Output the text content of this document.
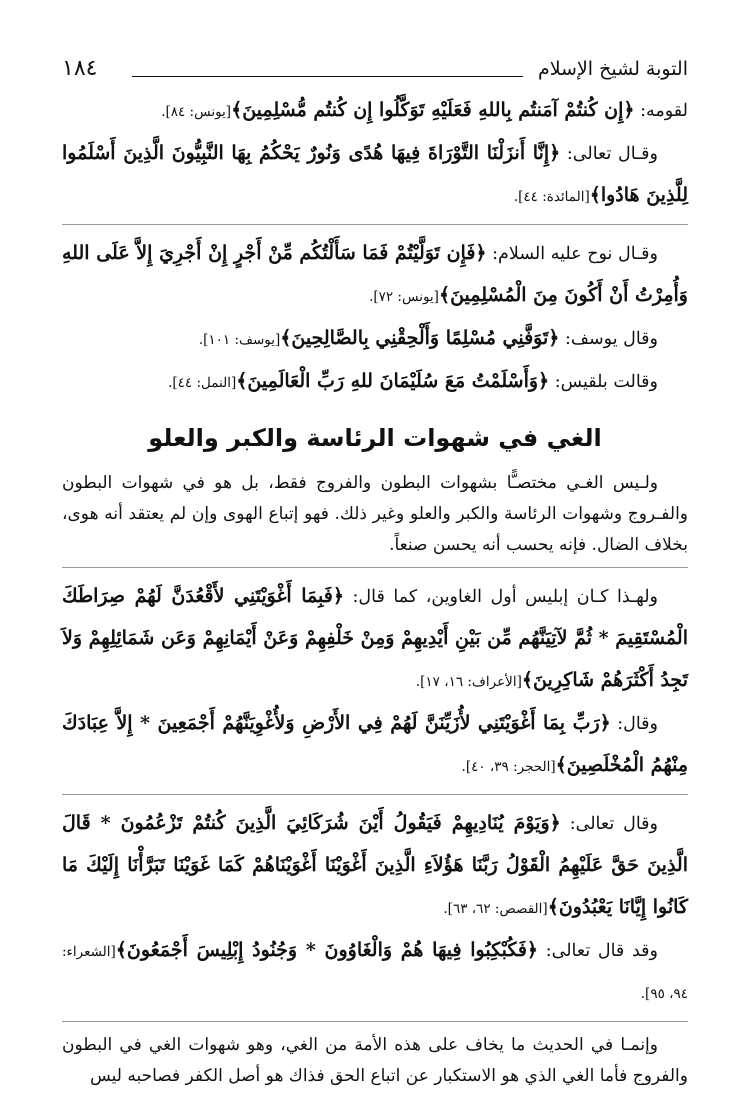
التوبة لشيخ الإسلام
١٨٤

لقومه: ﴿إِن كُنتُمْ آمَنتُم بِاللهِ فَعَلَيْهِ تَوَكَّلُوا إِن كُنتُم مُّسْلِمِينَ﴾[يونس: ٨٤].

وقـال تعالى: ﴿إِنَّا أَنزَلْنَا التَّوْرَاةَ فِيهَا هُدًى وَنُورٌ يَحْكُمُ بِهَا النَّبِيُّونَ الَّذِينَ أَسْلَمُوا لِلَّذِينَ هَادُوا﴾[المائدة: ٤٤].

وقـال نوح عليه السلام: ﴿فَإِن تَوَلَّيْتُمْ فَمَا سَأَلْتُكُم مِّنْ أَجْرٍ إِنْ أَجْرِيَ إِلاَّ عَلَى اللهِ وَأُمِرْتُ أَنْ أَكُونَ مِنَ الْمُسْلِمِينَ﴾[يونس: ٧٢].

وقال يوسف: ﴿تَوَفَّنِي مُسْلِمًا وَأَلْحِقْنِي بِالصَّالِحِينَ﴾[يوسف: ١٠١].

وقالت بلقيس: ﴿وَأَسْلَمْتُ مَعَ سُلَيْمَانَ للهِ رَبِّ الْعَالَمِينَ﴾[النمل: ٤٤].

الغي في شهوات الرئاسة والكبر والعلو

ولـيس الغـي مختصـًّا بشهوات البطون والفروج فقط، بل هو في شهوات البطون والفـروج وشهوات الرئاسة والكبر والعلو وغير ذلك. فهو إتباع الهوى وإن لم يعتقد أنه هوى، بخلاف الضال. فإنه يحسب أنه يحسن صنعاً.

ولهـذا كـان إبليس أول الغاوين، كما قال: ﴿فَبِمَا أَغْوَيْتَنِي لأَقْعُدَنَّ لَهُمْ صِرَاطَكَ الْمُسْتَقِيمَ * ثُمَّ لآتِيَنَّهُم مِّن بَيْنِ أَيْدِيهِمْ وَمِنْ خَلْفِهِمْ وَعَنْ أَيْمَانِهِمْ وَعَن شَمَائِلِهِمْ وَلاَ تَجِدُ أَكْثَرَهُمْ شَاكِرِينَ﴾[الأعراف: ١٦، ١٧].

وقال: ﴿رَبِّ بِمَا أَغْوَيْتَنِي لأُزَيِّنَنَّ لَهُمْ فِي الأَرْضِ وَلأُغْوِيَنَّهُمْ أَجْمَعِينَ * إِلاَّ عِبَادَكَ مِنْهُمُ الْمُخْلَصِينَ﴾[الحجر: ٣٩، ٤٠].

وقال تعالى: ﴿وَيَوْمَ يُنَادِيهِمْ فَيَقُولُ أَيْنَ شُرَكَائِيَ الَّذِينَ كُنتُمْ تَزْعُمُونَ * قَالَ الَّذِينَ حَقَّ عَلَيْهِمُ الْقَوْلُ رَبَّنَا هَؤُلاَءِ الَّذِينَ أَغْوَيْنَا أَغْوَيْنَاهُمْ كَمَا غَوَيْنَا تَبَرَّأْنَا إِلَيْكَ مَا كَانُوا إِيَّانَا يَعْبُدُونَ﴾[القصص: ٦٢، ٦٣].

وقد قال تعالى: ﴿فَكُبْكِبُوا فِيهَا هُمْ وَالْغَاوُونَ * وَجُنُودُ إِبْلِيسَ أَجْمَعُونَ﴾[الشعراء: ٩٤، ٩٥].

وإنمـا في الحديث ما يخاف على هذه الأمة من الغي، وهو شهوات الغي في البطون والفروج فأما الغي الذي هو الاستكبار عن اتباع الحق فذاك هو أصل الكفر فصاحبه ليس
